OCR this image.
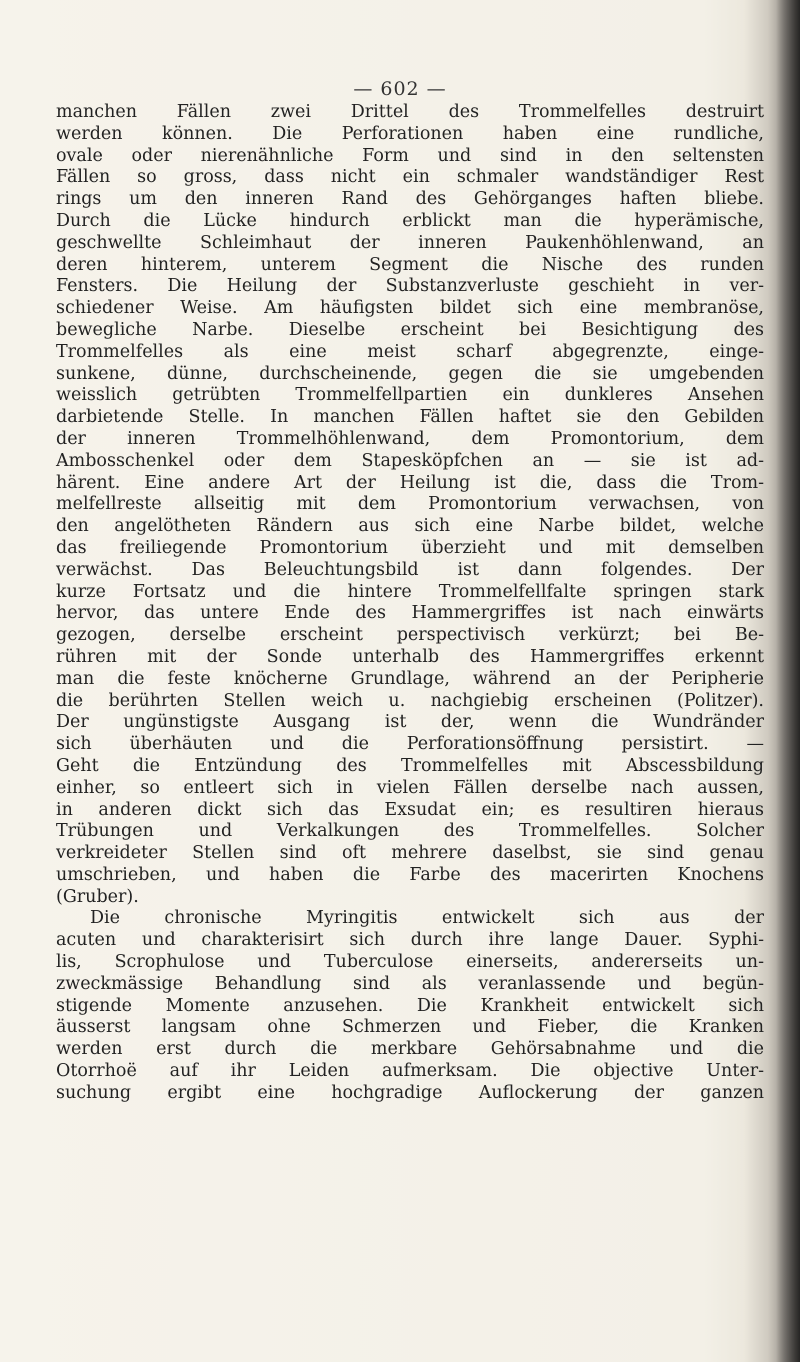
— 602 —
manchen Fällen zwei Drittel des Trommelfelles destruirt
werden können. Die Perforationen haben eine rundliche,
ovale oder nierenähnliche Form und sind in den seltensten
Fällen so gross, dass nicht ein schmaler wandständiger Rest
rings um den inneren Rand des Gehörganges haften bliebe.
Durch die Lücke hindurch erblickt man die hyperämische,
geschwellte Schleimhaut der inneren Paukenhöhlenwand, an
deren hinterem, unterem Segment die Nische des runden
Fensters. Die Heilung der Substanzverluste geschieht in ver-
schiedener Weise. Am häufigsten bildet sich eine membranöse,
bewegliche Narbe. Dieselbe erscheint bei Besichtigung des
Trommelfelles als eine meist scharf abgegrenzte, einge-
sunkene, dünne, durchscheinende, gegen die sie umgebenden
weisslich getrübten Trommelfellpartien ein dunkleres Ansehen
darbietende Stelle. In manchen Fällen haftet sie den Gebilden
der inneren Trommelhöhlenwand, dem Promontorium, dem
Ambosschenkel oder dem Stapesköpfchen an — sie ist ad-
härent. Eine andere Art der Heilung ist die, dass die Trom-
melfellreste allseitig mit dem Promontorium verwachsen, von
den angelötheten Rändern aus sich eine Narbe bildet, welche
das freiliegende Promontorium überzieht und mit demselben
verwächst. Das Beleuchtungsbild ist dann folgendes. Der
kurze Fortsatz und die hintere Trommelfellfalte springen stark
hervor, das untere Ende des Hammergriffes ist nach einwärts
gezogen, derselbe erscheint perspectivisch verkürzt; bei Be-
rühren mit der Sonde unterhalb des Hammergriffes erkennt
man die feste knöcherne Grundlage, während an der Peripherie
die berührten Stellen weich u. nachgiebig erscheinen (Politzer).
Der ungünstigste Ausgang ist der, wenn die Wundränder
sich überhäuten und die Perforationsöffnung persistirt. —
Geht die Entzündung des Trommelfelles mit Abscessbildung
einher, so entleert sich in vielen Fällen derselbe nach aussen,
in anderen dickt sich das Exsudat ein; es resultiren hieraus
Trübungen und Verkalkungen des Trommelfelles. Solcher
verkreideter Stellen sind oft mehrere daselbst, sie sind genau
umschrieben, und haben die Farbe des macerirten Knochens
(Gruber).
Die chronische Myringitis entwickelt sich aus der
acuten und charakterisirt sich durch ihre lange Dauer. Syphi-
lis, Scrophulose und Tuberculose einerseits, andererseits un-
zweckmässige Behandlung sind als veranlassende und begün-
stigende Momente anzusehen. Die Krankheit entwickelt sich
äusserst langsam ohne Schmerzen und Fieber, die Kranken
werden erst durch die merkbare Gehörsabnahme und die
Otorrhoë auf ihr Leiden aufmerksam. Die objective Unter-
suchung ergibt eine hochgradige Auflockerung der ganzen
